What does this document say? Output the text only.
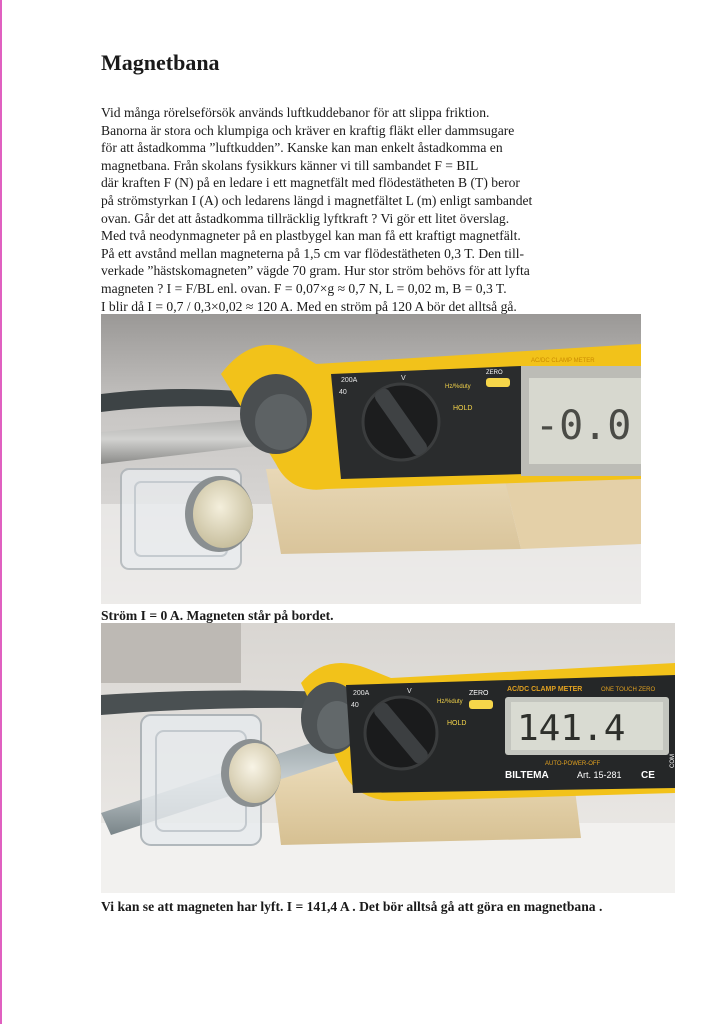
Magnetbana

Vid många rörelseförsök används luftkuddebanor för att slippa friktion.

Banorna är stora och klumpiga och kräver en kraftig fläkt eller dammsugare

för att åstadkomma ”luftkudden”. Kanske kan man enkelt åstadkomma en

magnetbana. Från skolans fysikkurs känner vi till sambandet F = BIL

där kraften F (N) på en ledare i ett magnetfält med flödestätheten B (T) beror

på strömstyrkan I (A) och ledarens längd i magnetfältet L (m) enligt sambandet

ovan. Går det att åstadkomma tillräcklig lyftkraft ? Vi gör ett litet överslag.

Med två neodynmagneter på en plastbygel kan man få ett kraftigt magnetfält.

På ett avstånd mellan magneterna på 1,5 cm var flödestätheten 0,3 T. Den till-

verkade ”hästskomagneten” vägde 70 gram. Hur stor ström behövs för att lyfta

magneten ? I = F/BL enl. ovan. F = 0,07×g ≈ 0,7 N, L = 0,02 m, B = 0,3 T.

I blir då I = 0,7 / 0,3×0,02 ≈ 120 A. Med en ström på 120 A bör det alltså gå.

200A
40
V
Hz/%duty
HOLD
ZERO
AC/DC CLAMP METER
-0.0

Ström I = 0 A. Magneten står på bordet.

200A
40
V
Hz/%duty
HOLD
ZERO
AC/DC CLAMP METER	ONE TOUCH ZERO
141.4
AUTO-POWER-OFF
BILTEMA	Art. 15-281 CE
COM

Vi kan se att magneten har lyft. I = 141,4 A . Det bör alltså gå att göra en magnetbana .
